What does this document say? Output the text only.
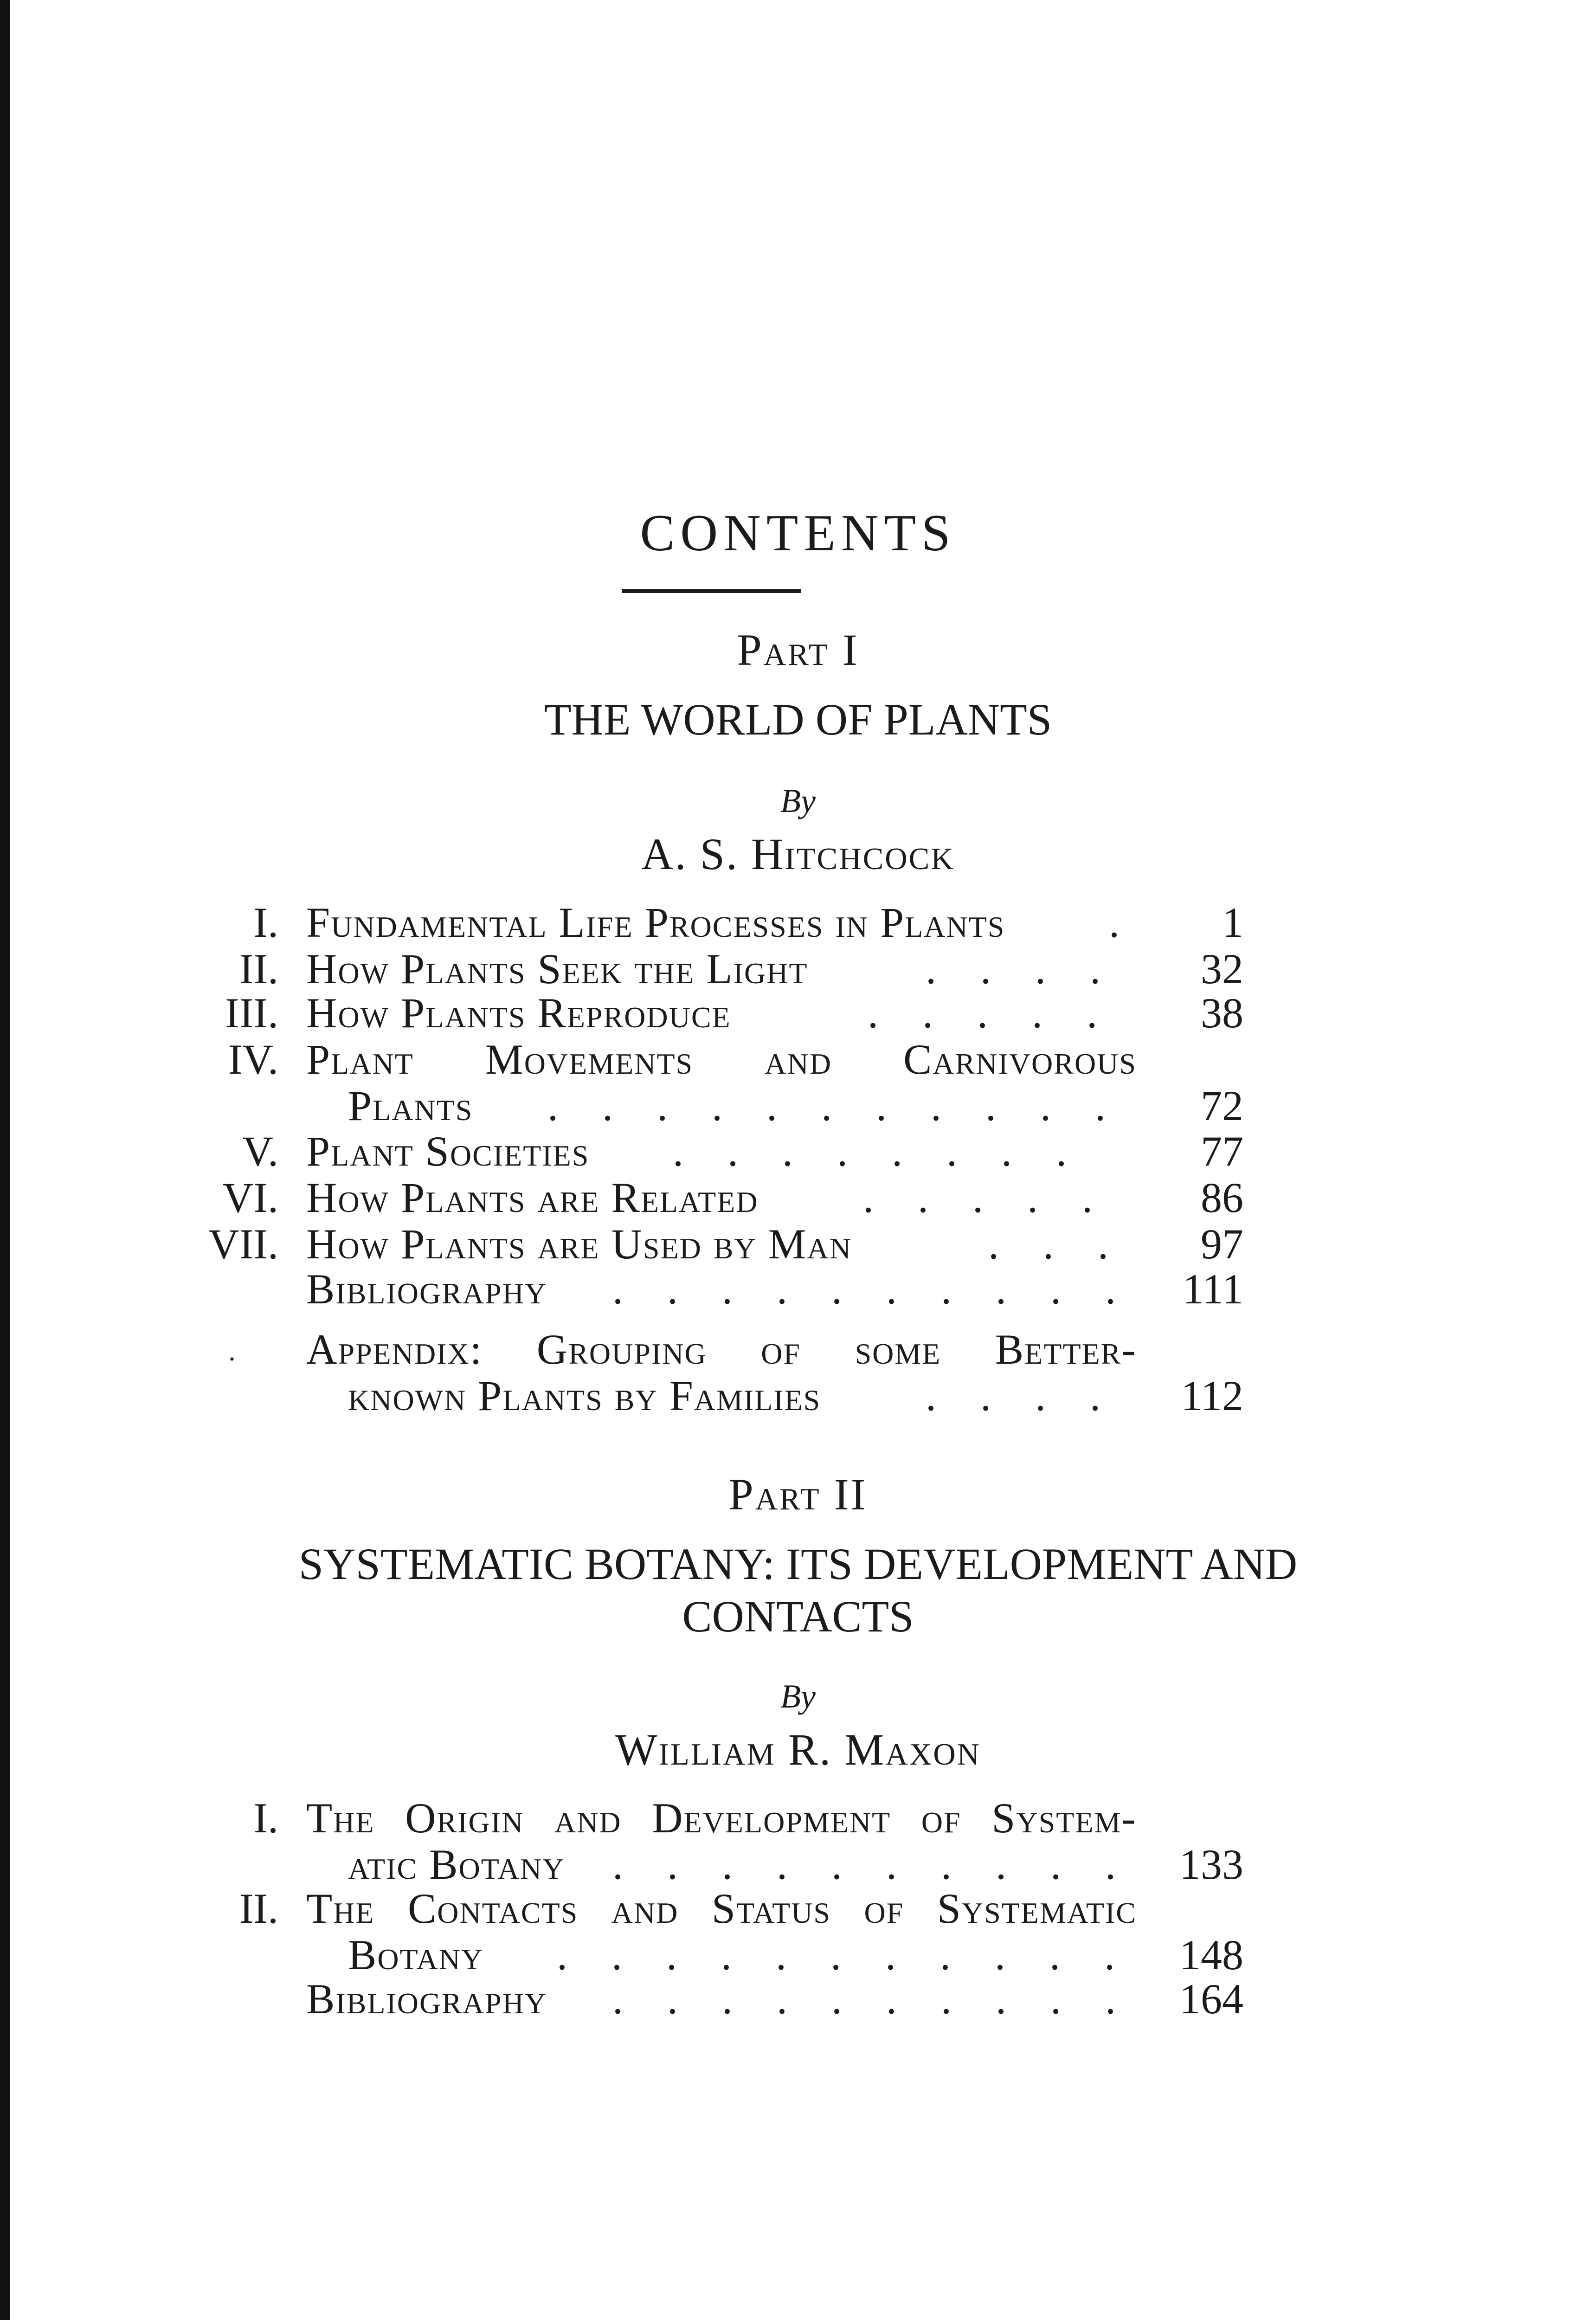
CONTENTS
Part I
THE WORLD OF PLANTS
By
A. S. Hitchcock
I. Fundamental Life Processes in Plants .	1
II. How Plants Seek the Light	. . . .	32
III. How Plants Reproduce	. . . . .	38
IV. Plant Movements and Carnivorous
Plants . . . . . . . . . . .	72
V. Plant Societies . . . . . . . .	77
VI. How Plants are Related . . . . .	86
VII. How Plants are Used by Man	. . .	97
Bibliography . . . . . . . . . .	111
· Appendix: Grouping of some Better-
known Plants by Families . . . .	112
Part II
SYSTEMATIC BOTANY: ITS DEVELOPMENT AND
CONTACTS
By
William R. Maxon
I. The Origin and Development of System-
atic Botany . . . . . . . . . .	133
II. The Contacts and Status of Systematic
Botany . . . . . . . . . . .	148
Bibliography . . . . . . . . . .	164
